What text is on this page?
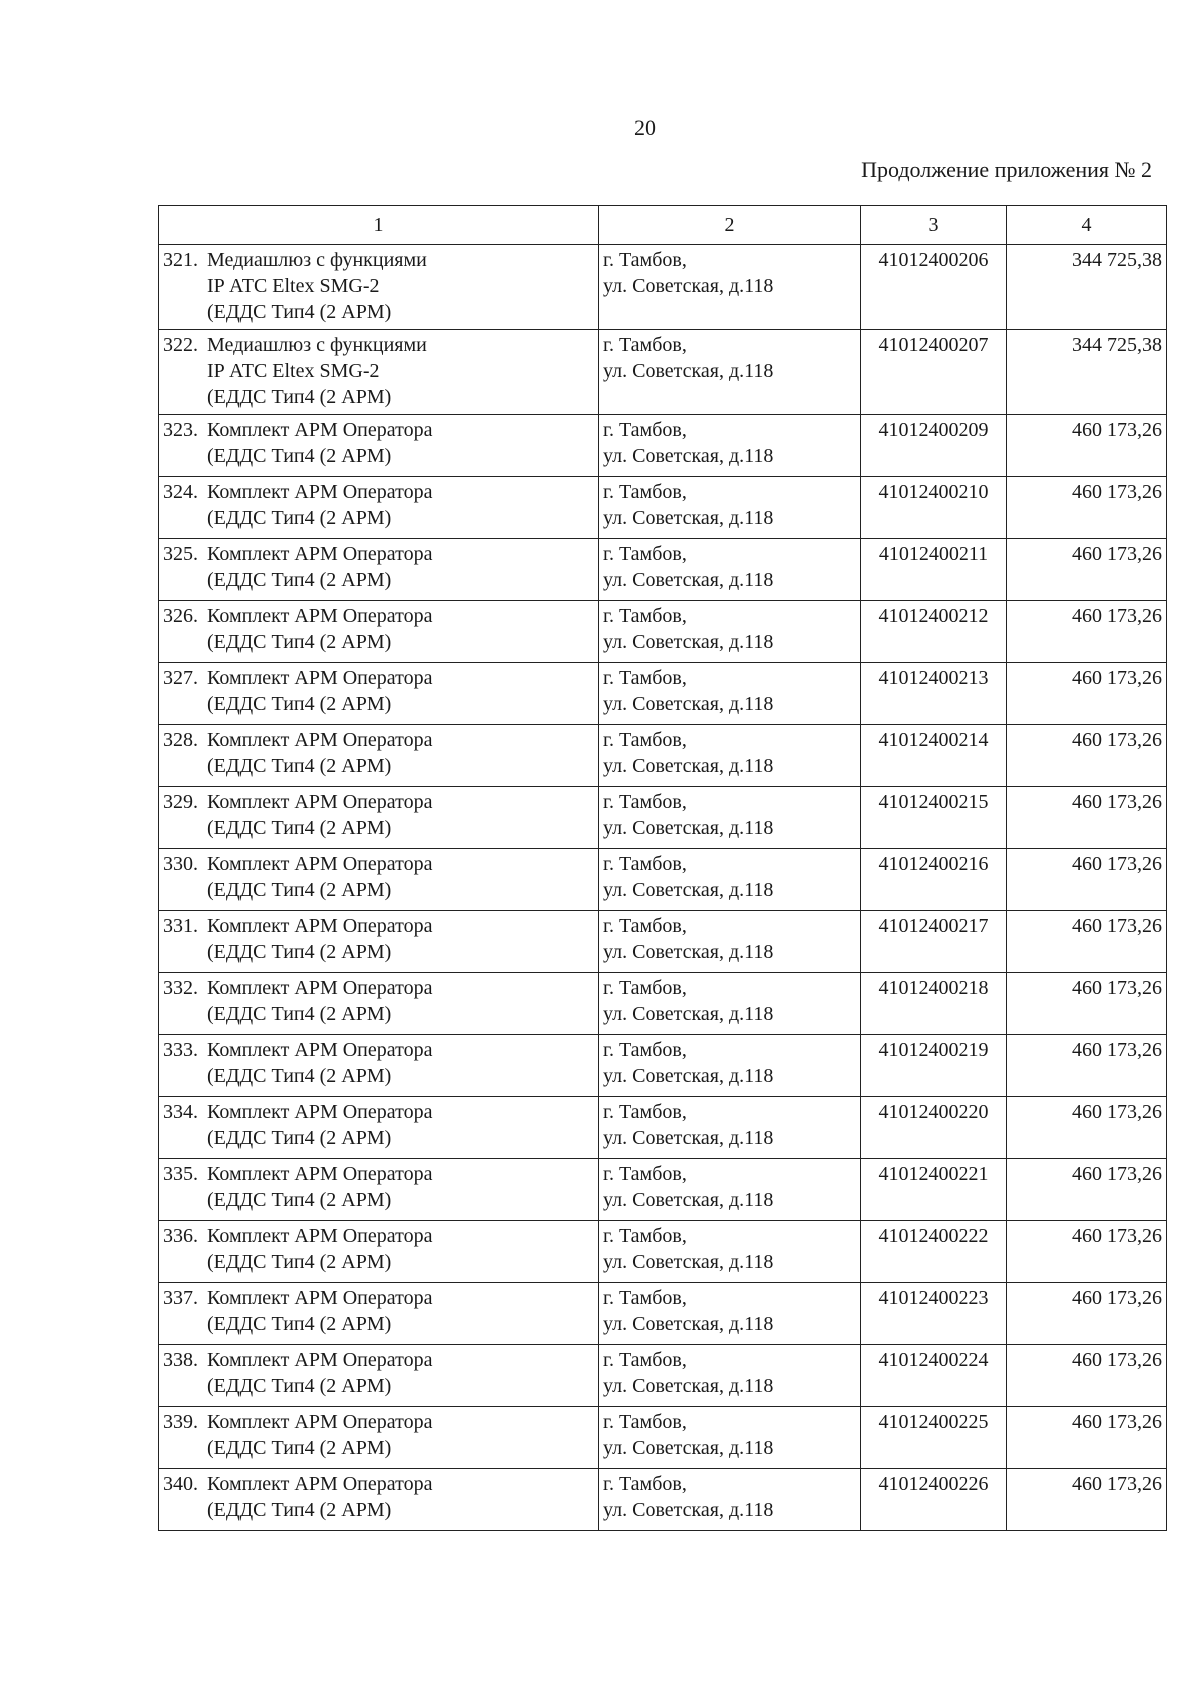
20
Продолжение приложения № 2
1	2	3	4

321. Медиашлюз с функциями
IP АТС Eltex SMG-2
(ЕДДС Тип4 (2 АРМ)	г. Тамбов,
ул. Советская, д.118	41012400206	344 725,38

322. Медиашлюз с функциями
IP АТС Eltex SMG-2
(ЕДДС Тип4 (2 АРМ)	г. Тамбов,
ул. Советская, д.118	41012400207	344 725,38

323. Комплект АРМ Оператора
(ЕДДС Тип4 (2 АРМ)	г. Тамбов,
ул. Советская, д.118	41012400209	460 173,26

324. Комплект АРМ Оператора
(ЕДДС Тип4 (2 АРМ)	г. Тамбов,
ул. Советская, д.118	41012400210	460 173,26

325. Комплект АРМ Оператора
(ЕДДС Тип4 (2 АРМ)	г. Тамбов,
ул. Советская, д.118	41012400211	460 173,26

326. Комплект АРМ Оператора
(ЕДДС Тип4 (2 АРМ)	г. Тамбов,
ул. Советская, д.118	41012400212	460 173,26

327. Комплект АРМ Оператора
(ЕДДС Тип4 (2 АРМ)	г. Тамбов,
ул. Советская, д.118	41012400213	460 173,26

328. Комплект АРМ Оператора
(ЕДДС Тип4 (2 АРМ)	г. Тамбов,
ул. Советская, д.118	41012400214	460 173,26

329. Комплект АРМ Оператора
(ЕДДС Тип4 (2 АРМ)	г. Тамбов,
ул. Советская, д.118	41012400215	460 173,26

330. Комплект АРМ Оператора
(ЕДДС Тип4 (2 АРМ)	г. Тамбов,
ул. Советская, д.118	41012400216	460 173,26

331. Комплект АРМ Оператора
(ЕДДС Тип4 (2 АРМ)	г. Тамбов,
ул. Советская, д.118	41012400217	460 173,26

332. Комплект АРМ Оператора
(ЕДДС Тип4 (2 АРМ)	г. Тамбов,
ул. Советская, д.118	41012400218	460 173,26

333. Комплект АРМ Оператора
(ЕДДС Тип4 (2 АРМ)	г. Тамбов,
ул. Советская, д.118	41012400219	460 173,26

334. Комплект АРМ Оператора
(ЕДДС Тип4 (2 АРМ)	г. Тамбов,
ул. Советская, д.118	41012400220	460 173,26

335. Комплект АРМ Оператора
(ЕДДС Тип4 (2 АРМ)	г. Тамбов,
ул. Советская, д.118	41012400221	460 173,26

336. Комплект АРМ Оператора
(ЕДДС Тип4 (2 АРМ)	г. Тамбов,
ул. Советская, д.118	41012400222	460 173,26

337. Комплект АРМ Оператора
(ЕДДС Тип4 (2 АРМ)	г. Тамбов,
ул. Советская, д.118	41012400223	460 173,26

338. Комплект АРМ Оператора
(ЕДДС Тип4 (2 АРМ)	г. Тамбов,
ул. Советская, д.118	41012400224	460 173,26

339. Комплект АРМ Оператора
(ЕДДС Тип4 (2 АРМ)	г. Тамбов,
ул. Советская, д.118	41012400225	460 173,26

340. Комплект АРМ Оператора
(ЕДДС Тип4 (2 АРМ)	г. Тамбов,
ул. Советская, д.118	41012400226	460 173,26
